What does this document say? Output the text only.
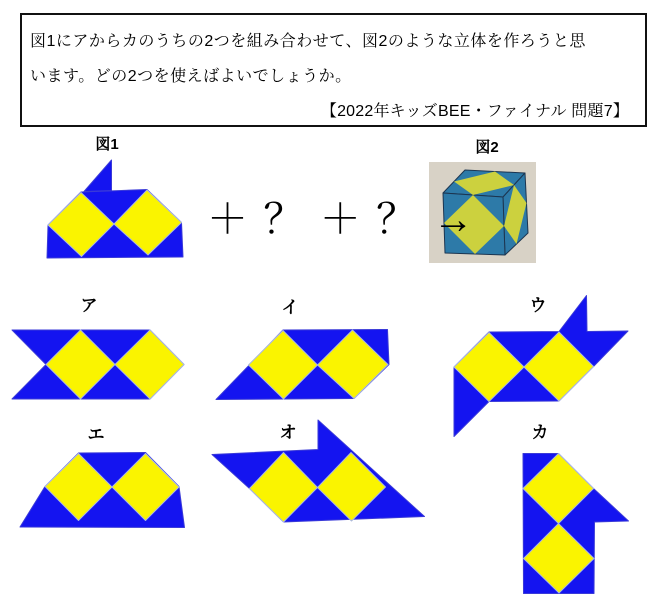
図1にアからカのうちの2つを組み合わせて、図2のような立体を作ろうと思

います。どの2つを使えばよいでしょうか。

【2022年キッズBEE・ファイナル 問題7】

図1	図2
＋ ？ ＋ ？ →
ア	イ	ウ
エ	オ	カ
